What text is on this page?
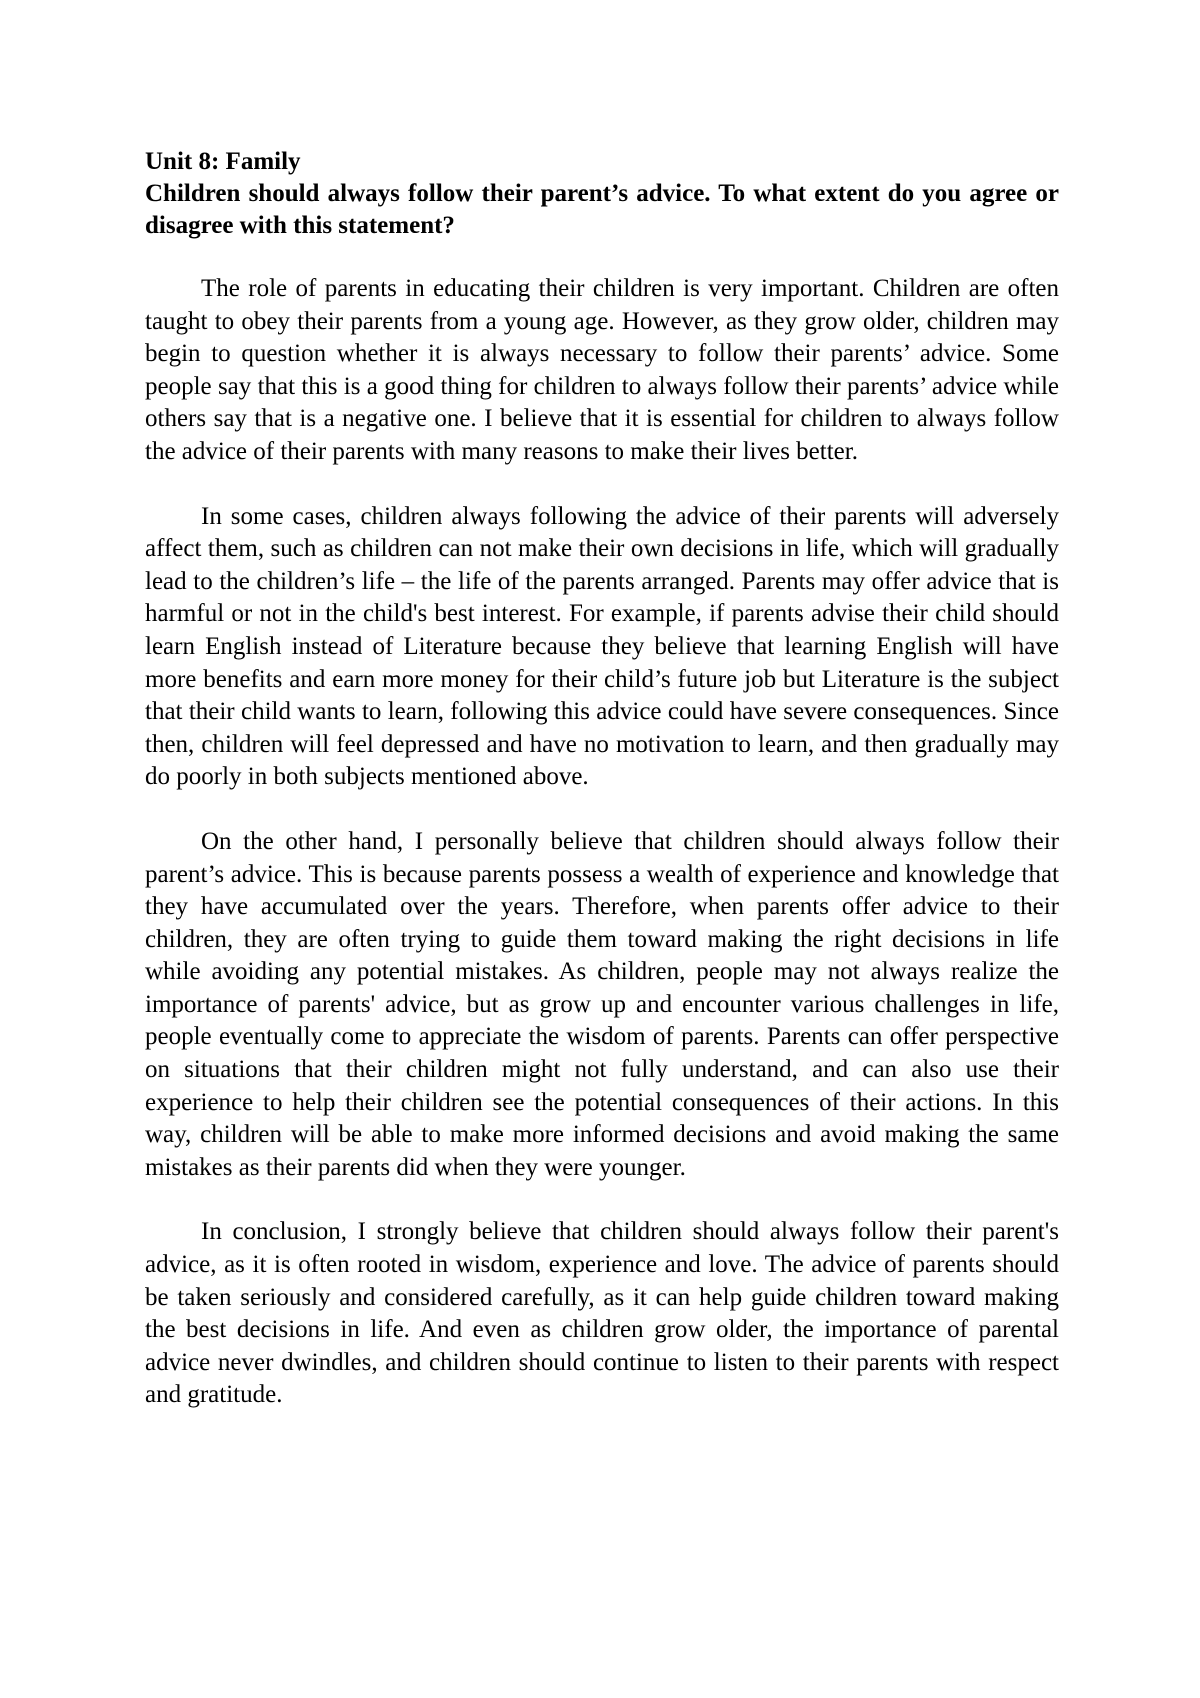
Unit 8: Family

Children should always follow their parent’s advice. To what extent do you agree or disagree with this statement?

The role of parents in educating their children is very important. Children are often taught to obey their parents from a young age. However, as they grow older, children may begin to question whether it is always necessary to follow their parents’ advice. Some people say that this is a good thing for children to always follow their parents’ advice while others say that is a negative one. I believe that it is essential for children to always follow the advice of their parents with many reasons to make their lives better.

In some cases, children always following the advice of their parents will adversely affect them, such as children can not make their own decisions in life, which will gradually lead to the children’s life – the life of the parents arranged. Parents may offer advice that is harmful or not in the child's best interest. For example, if parents advise their child should learn English instead of Literature because they believe that learning English will have more benefits and earn more money for their child’s future job but Literature is the subject that their child wants to learn, following this advice could have severe consequences. Since then, children will feel depressed and have no motivation to learn, and then gradually may do poorly in both subjects mentioned above.

On the other hand, I personally believe that children should always follow their parent’s advice. This is because parents possess a wealth of experience and knowledge that they have accumulated over the years. Therefore, when parents offer advice to their children, they are often trying to guide them toward making the right decisions in life while avoiding any potential mistakes. As children, people may not always realize the importance of parents' advice, but as grow up and encounter various challenges in life, people eventually come to appreciate the wisdom of parents. Parents can offer perspective on situations that their children might not fully understand, and can also use their experience to help their children see the potential consequences of their actions. In this way, children will be able to make more informed decisions and avoid making the same mistakes as their parents did when they were younger.

In conclusion, I strongly believe that children should always follow their parent's advice, as it is often rooted in wisdom, experience and love. The advice of parents should be taken seriously and considered carefully, as it can help guide children toward making the best decisions in life. And even as children grow older, the importance of parental advice never dwindles, and children should continue to listen to their parents with respect and gratitude.
